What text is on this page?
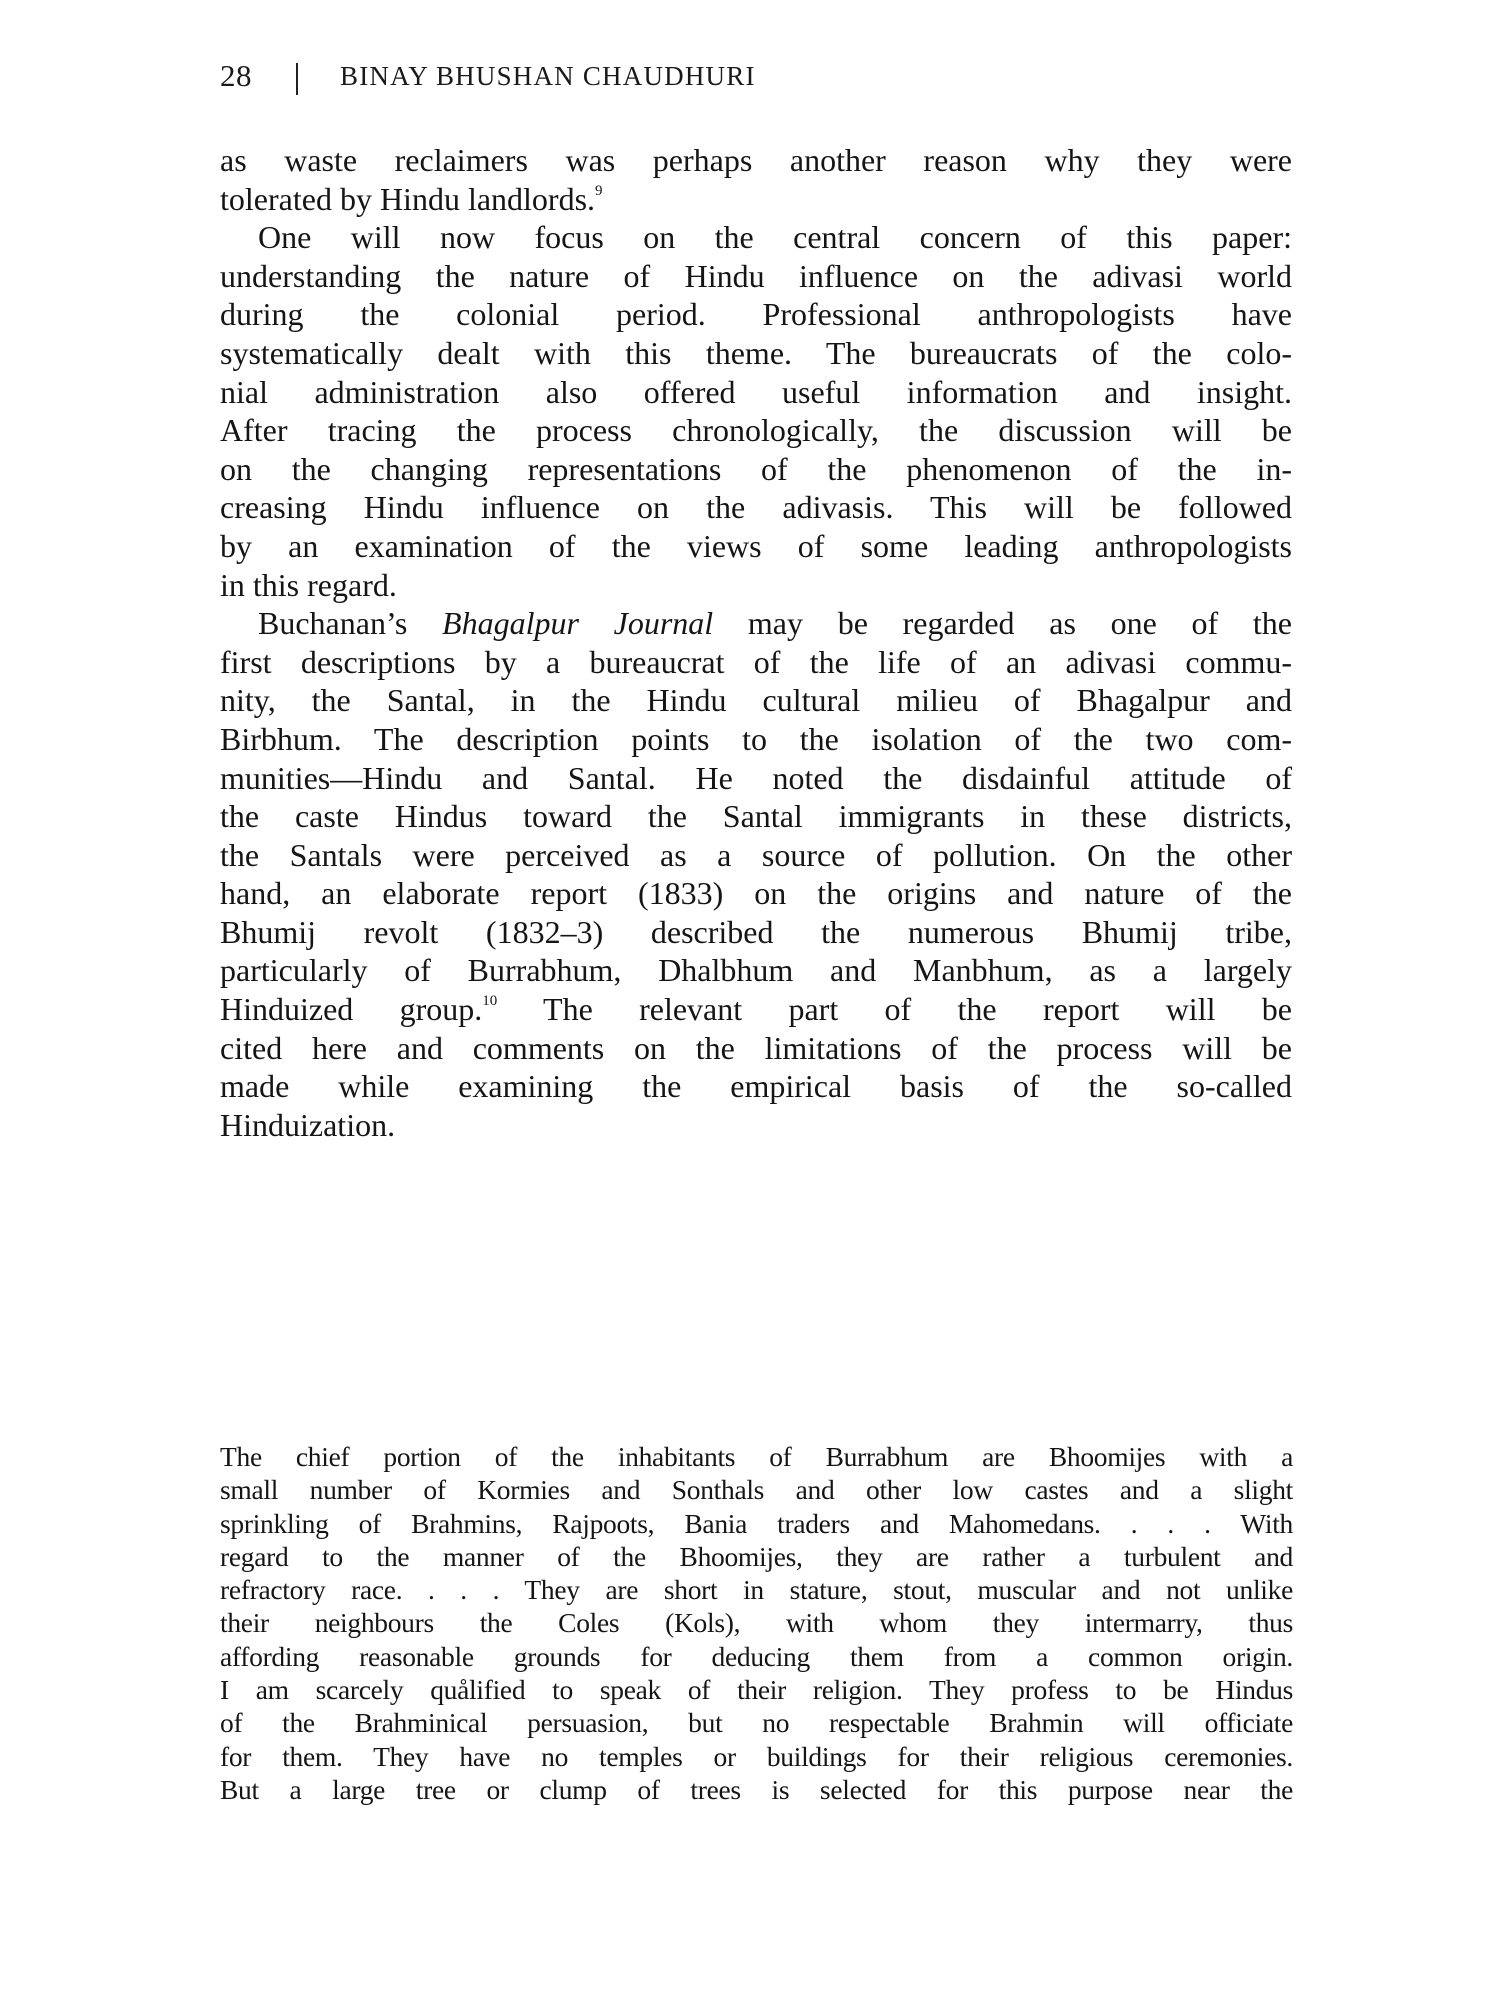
28	BINAY BHUSHAN CHAUDHURI

as waste reclaimers was perhaps another reason why they were
tolerated by Hindu landlords.$^9$

One will now focus on the central concern of this paper:
understanding the nature of Hindu influence on the adivasi world
during the colonial period. Professional anthropologists have
systematically dealt with this theme. The bureaucrats of the colo-
nial administration also offered useful information and insight.
After tracing the process chronologically, the discussion will be
on the changing representations of the phenomenon of the in-
creasing Hindu influence on the adivasis. This will be followed
by an examination of the views of some leading anthropologists
in this regard.

Buchanan’s Bhagalpur Journal may be regarded as one of the
first descriptions by a bureaucrat of the life of an adivasi commu-
nity, the Santal, in the Hindu cultural milieu of Bhagalpur and
Birbhum. The description points to the isolation of the two com-
munities—Hindu and Santal. He noted the disdainful attitude of
the caste Hindus toward the Santal immigrants in these districts,
the Santals were perceived as a source of pollution. On the other
hand, an elaborate report (1833) on the origins and nature of the
Bhumij revolt (1832–3) described the numerous Bhumij tribe,
particularly of Burrabhum, Dhalbhum and Manbhum, as a largely
Hinduized group.$^{10}$ The relevant part of the report will be
cited here and comments on the limitations of the process will be
made while examining the empirical basis of the so-called
Hinduization.

The chief portion of the inhabitants of Burrabhum are Bhoomijes with a
small number of Kormies and Sonthals and other low castes and a slight
sprinkling of Brahmins, Rajpoots, Bania traders and Mahomedans. . . . With
regard to the manner of the Bhoomijes, they are rather a turbulent and
refractory race. . . . They are short in stature, stout, muscular and not unlike
their neighbours the Coles (Kols), with whom they intermarry, thus
affording reasonable grounds for deducing them from a common origin.
I am scarcely quålified to speak of their religion. They profess to be Hindus
of the Brahminical persuasion, but no respectable Brahmin will officiate
for them. They have no temples or buildings for their religious ceremonies.
But a large tree or clump of trees is selected for this purpose near the
